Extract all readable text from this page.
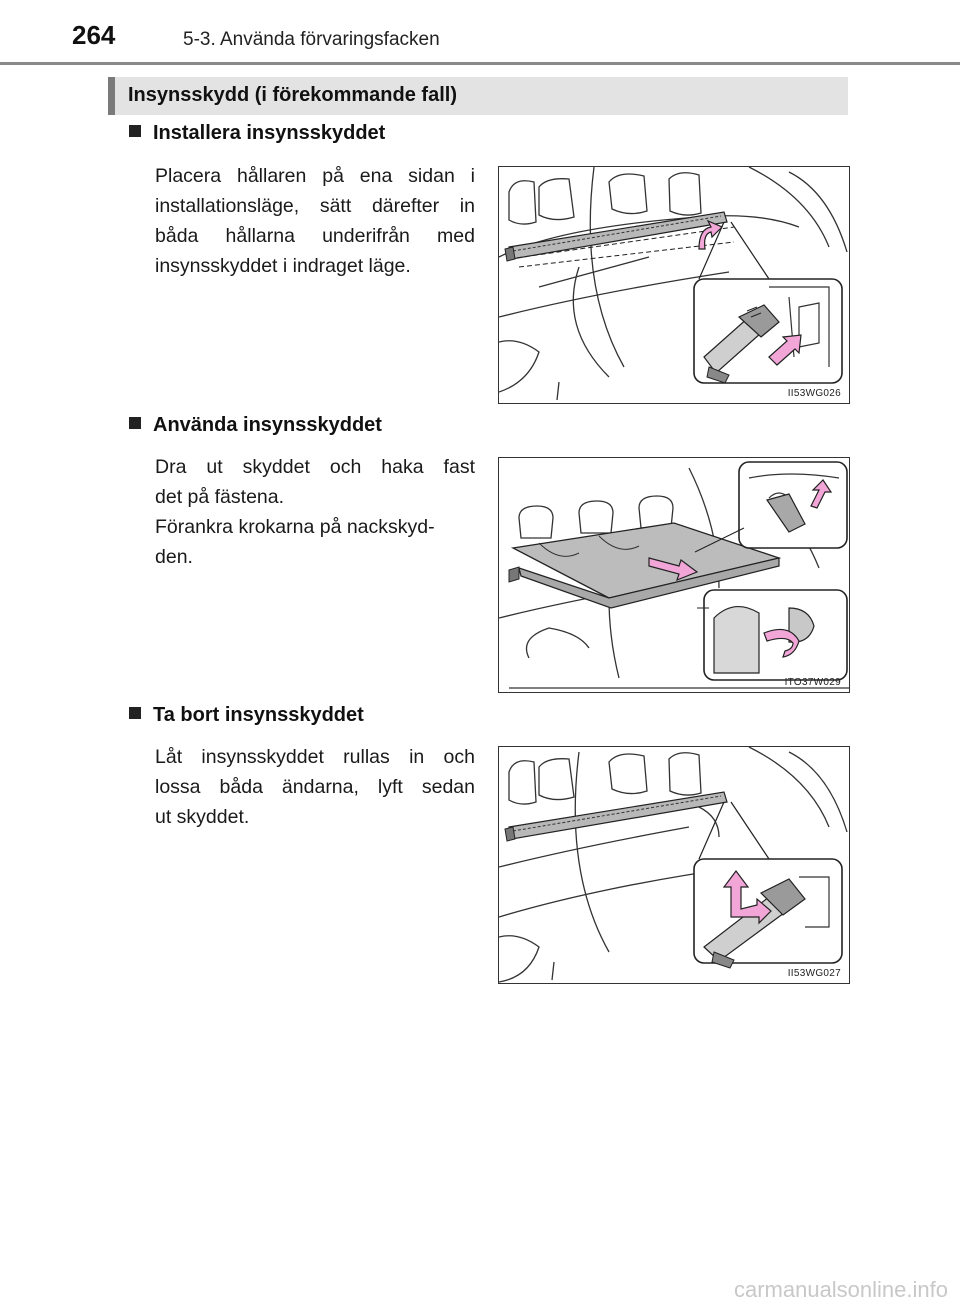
264	5-3. Använda förvaringsfacken
Insynsskydd (i förekommande fall)
Installera insynsskyddet
Placera hållaren på ena sidan i
installationsläge, sätt därefter in
båda hållarna underifrån med
insynsskyddet i indraget läge.
II53WG026
Använda insynsskyddet
Dra ut skyddet och haka fast
det på fästena.
Förankra krokarna på nackskyd-
den.
ITO37W029
Ta bort insynsskyddet
Låt insynsskyddet rullas in och
lossa båda ändarna, lyft sedan
ut skyddet.
II53WG027
carmanualsonline.info
